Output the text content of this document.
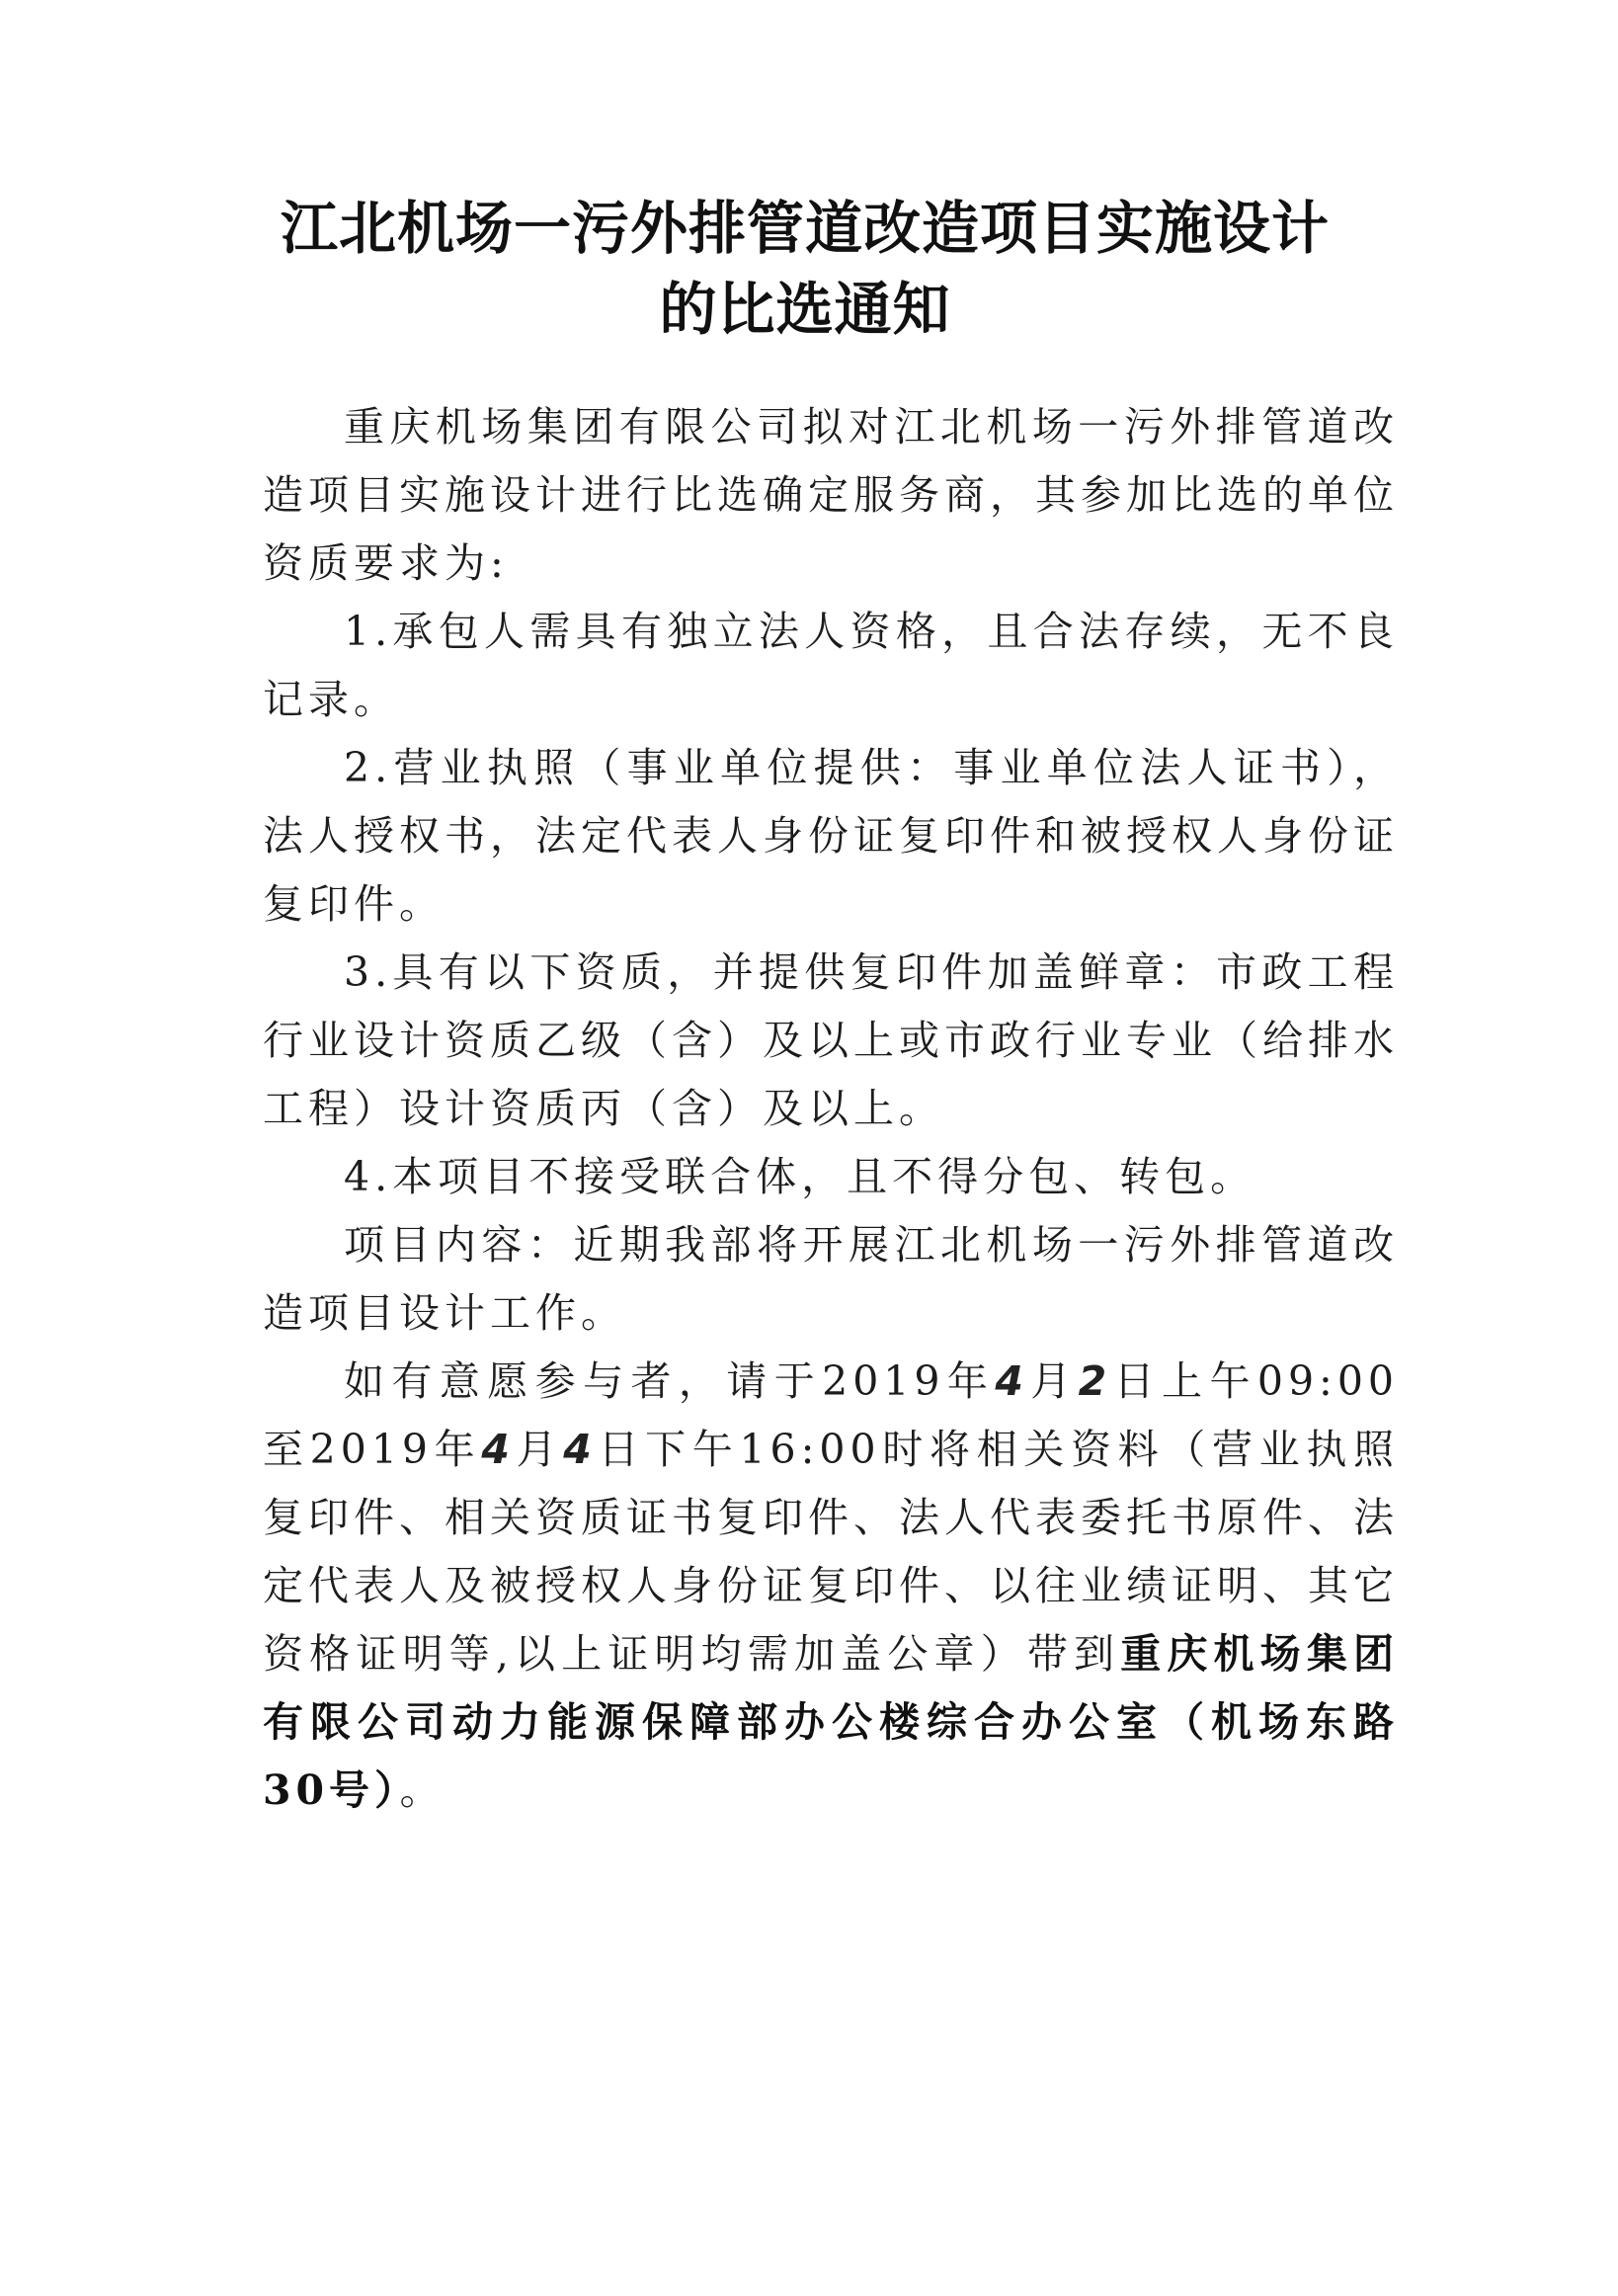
江北机场一污外排管道改造项目实施设计
的比选通知

重庆机场集团有限公司拟对江北机场一污外排管道改造项目实施设计进行比选确定服务商，其参加比选的单位资质要求为:

1.承包人需具有独立法人资格，且合法存续，无不良记录。

2.营业执照（事业单位提供：事业单位法人证书），法人授权书，法定代表人身份证复印件和被授权人身份证复印件。

3.具有以下资质，并提供复印件加盖鲜章：市政工程行业设计资质乙级（含）及以上或市政行业专业（给排水工程）设计资质丙（含）及以上。

4.本项目不接受联合体，且不得分包、转包。

项目内容：近期我部将开展江北机场一污外排管道改造项目设计工作。

如有意愿参与者，请于2019年4月2日上午09:00至2019年4月4日下午16:00时将相关资料（营业执照复印件、相关资质证书复印件、法人代表委托书原件、法定代表人及被授权人身份证复印件、以往业绩证明、其它资格证明等,以上证明均需加盖公章）带到重庆机场集团有限公司动力能源保障部办公楼综合办公室（机场东路30号）。
